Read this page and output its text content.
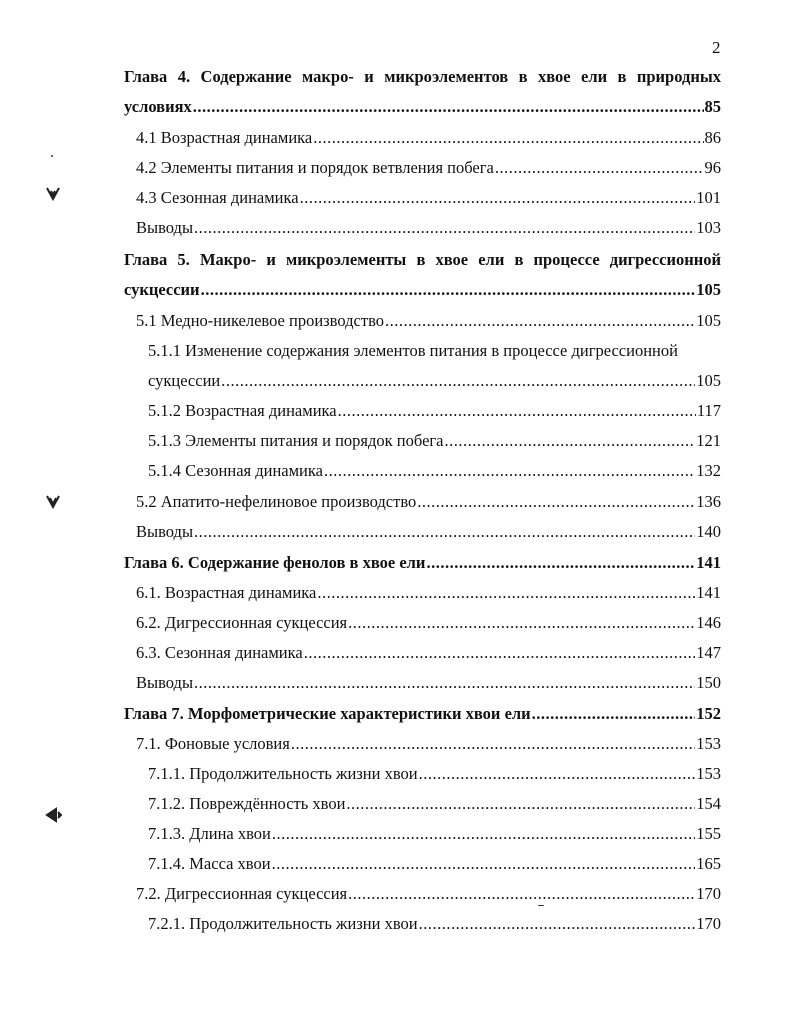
2
Глава 4. Содержание макро- и микроэлементов в хвое ели в природных
условиях .....	85
4.1 Возрастная динамика .....	86
4.2 Элементы питания и порядок ветвления побега .....	96
4.3 Сезонная динамика .....	101
Выводы .....	103
Глава 5. Макро- и микроэлементы в хвое ели в процессе дигрессионной
сукцессии .....	105
5.1 Медно-никелевое производство .....	105
5.1.1 Изменение содержания элементов питания в процессе дигрессионной
сукцессии .....	105
5.1.2 Возрастная динамика .....	117
5.1.3 Элементы питания и порядок побега .....	121
5.1.4 Сезонная динамика .....	132
5.2 Апатито-нефелиновое производство .....	136
Выводы .....	140
Глава 6. Содержание фенолов в хвое ели .....	141
6.1. Возрастная динамика .....	141
6.2. Дигрессионная сукцессия .....	146
6.3. Сезонная динамика .....	147
Выводы .....	150
Глава 7. Морфометрические характеристики хвои ели .....	152
7.1. Фоновые условия .....	153
7.1.1. Продолжительность жизни хвои .....	153
7.1.2. Повреждённость хвои .....	154
7.1.3. Длина хвои .....	155
7.1.4. Масса хвои .....	165
7.2. Дигрессионная сукцессия .....	170
7.2.1. Продолжительность жизни хвои .....	170
